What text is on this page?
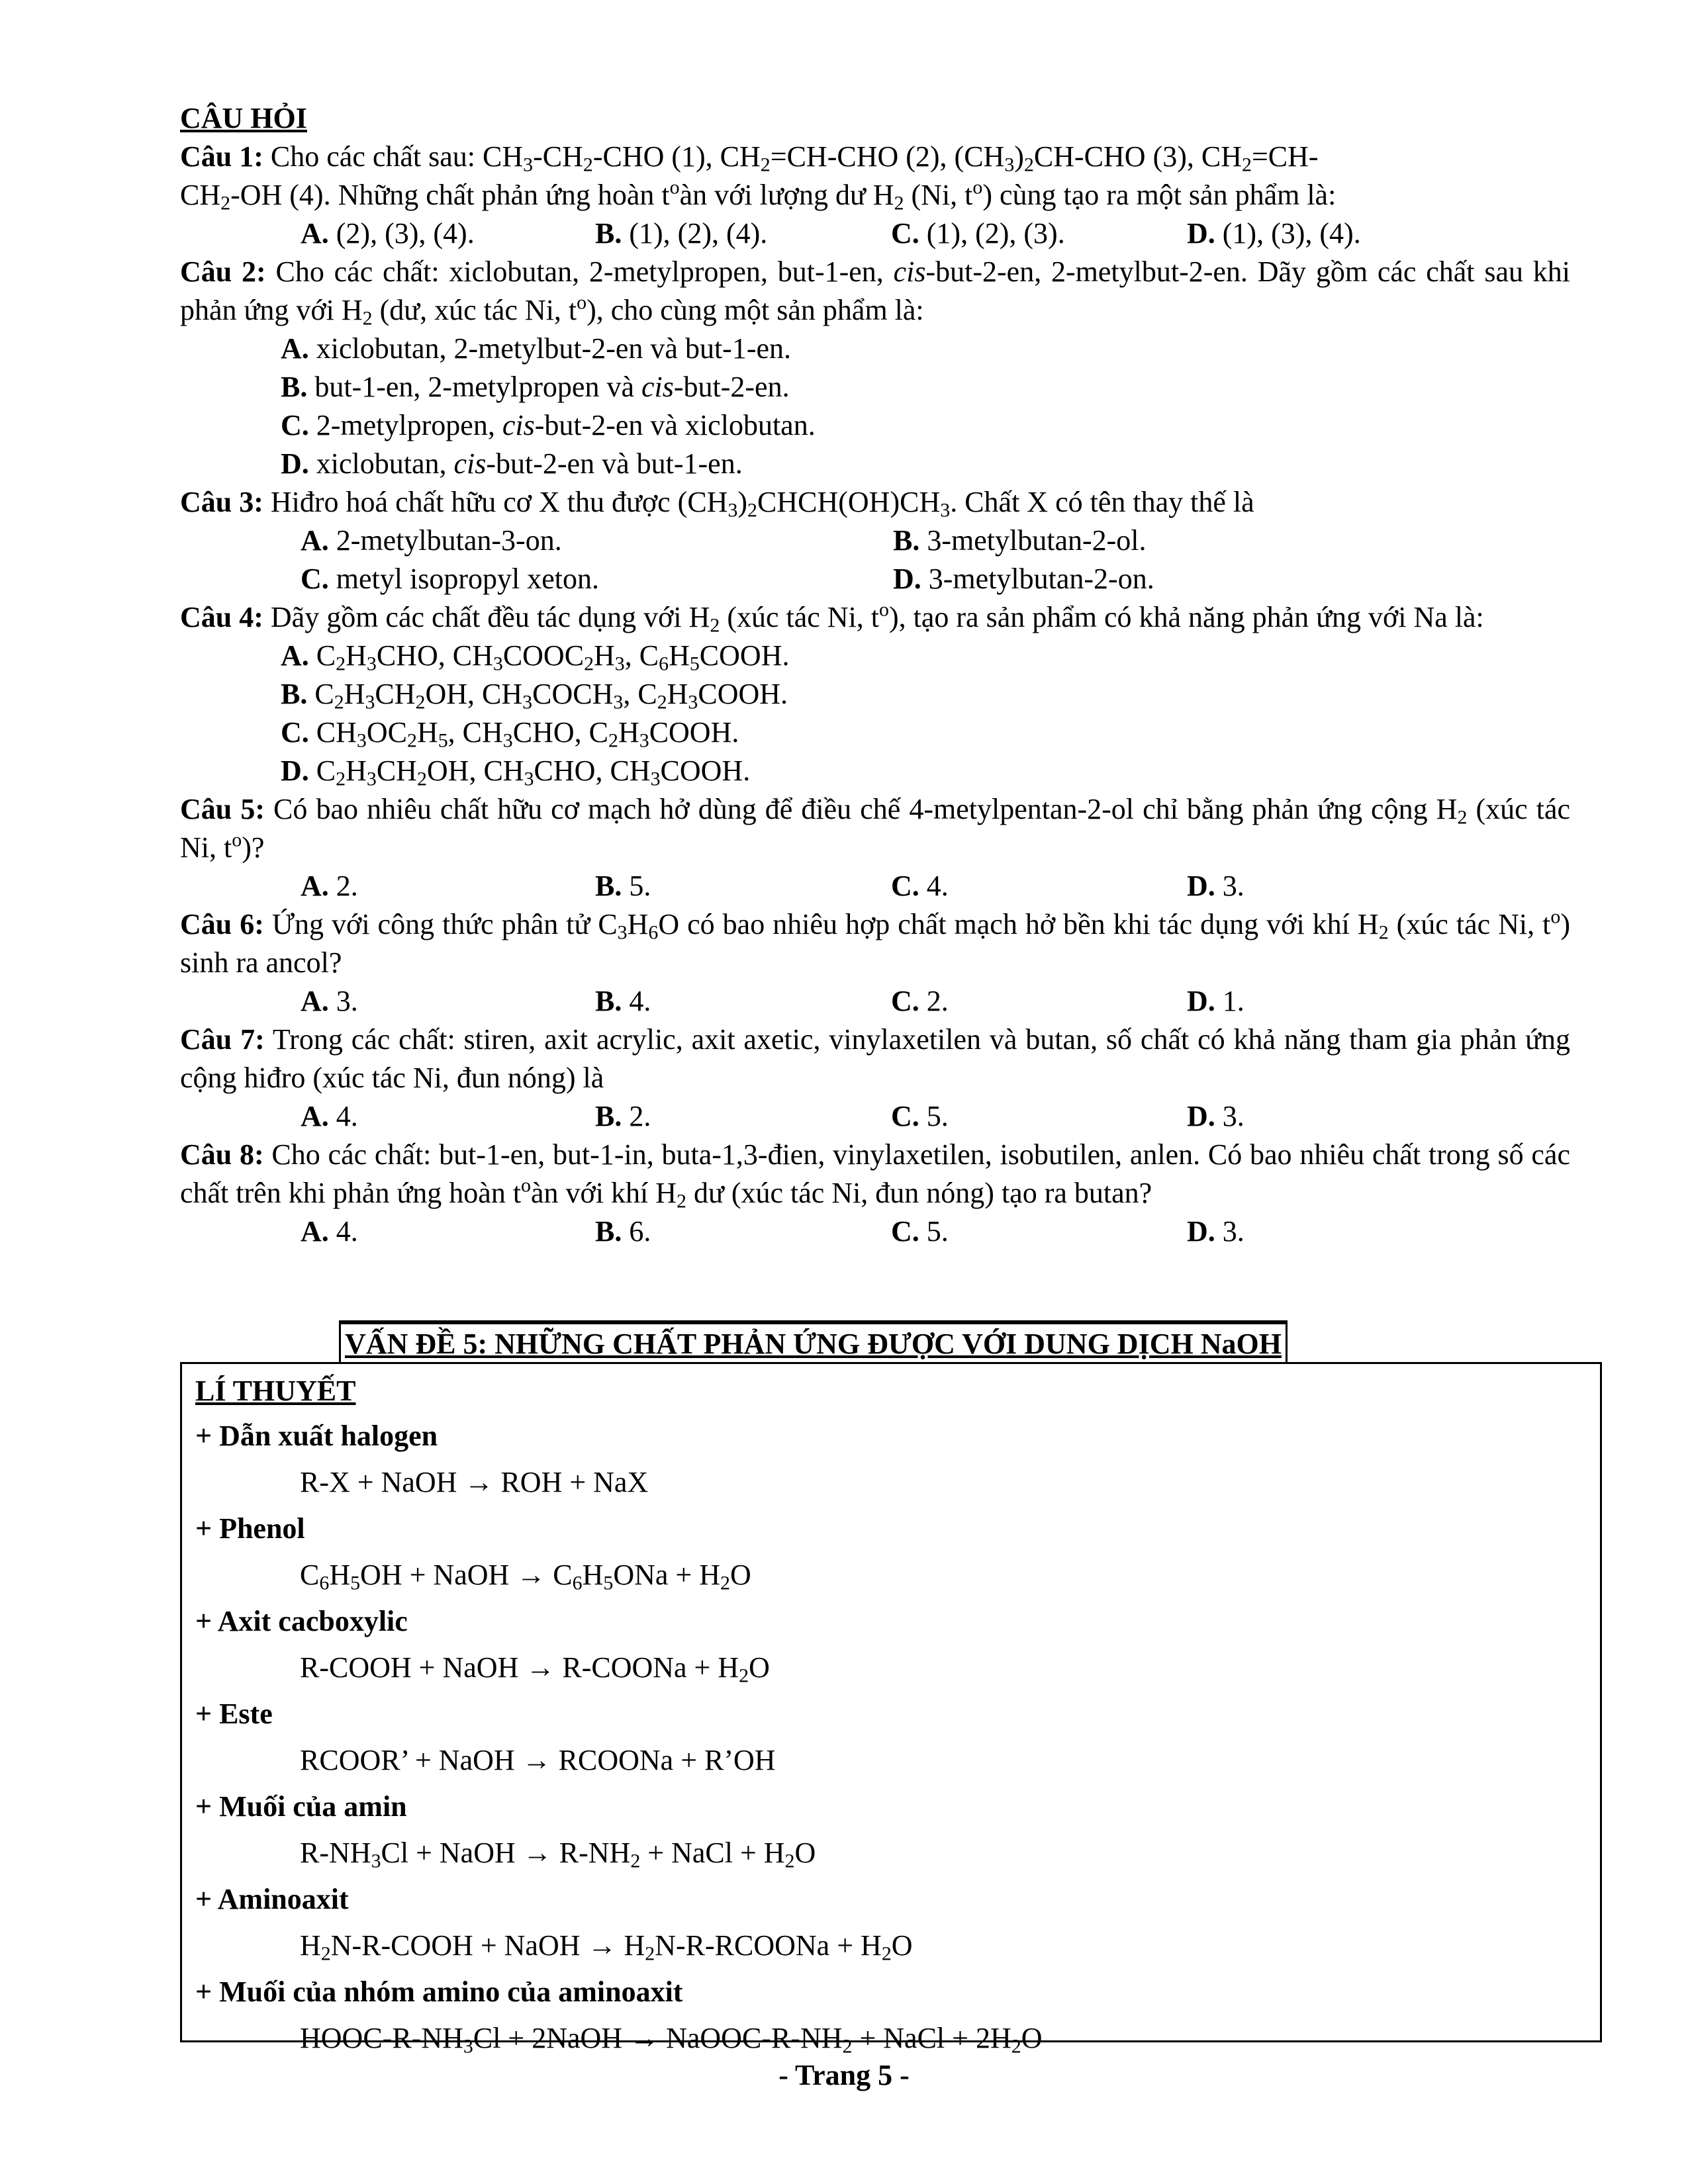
CÂU HỎI
Câu 1: Cho các chất sau: $CH_3-CH_2$-CHO (1), $CH_2=CH$-CHO (2), $(CH_3)_2CH$-CHO (3), $CH_2=CH-$
$CH_2-OH$ (4). Những chất phản ứng hoàn $t^oàn$ với lượng dư $H_2$ (Ni, $t^o$) cùng tạo ra một sản phẩm là:
A. (2), (3), (4).	B. (1), (2), (4).	C. (1), (2), (3).	D. (1), (3), (4).
Câu 2: Cho các chất: xiclobutan, 2-metylpropen, but-1-en, cis-but-2-en, 2-metylbut-2-en. Dãy gồm các chất sau khi phản ứng với $H_2$ (dư, xúc tác Ni, $t^o$), cho cùng một sản phẩm là:
A. xiclobutan, 2-metylbut-2-en và but-1-en.
B. but-1-en, 2-metylpropen và cis-but-2-en.
C. 2-metylpropen, cis-but-2-en và xiclobutan.
D. xiclobutan, cis-but-2-en và but-1-en.
Câu 3: Hiđro hoá chất hữu cơ X thu được $(CH_3)_2CHCH(OH)CH_3$. Chất X có tên thay thế là
A. 2-metylbutan-3-on.	B. 3-metylbutan-2-ol.
C. metyl isopropyl xeton.	D. 3-metylbutan-2-on.
Câu 4: Dãy gồm các chất đều tác dụng với $H_2$ (xúc tác Ni, $t^o$), tạo ra sản phẩm có khả năng phản ứng với Na là:
A. $C_2H_3CHO$, $CH_3COOC_2H_3$, $C_6H_5COOH$.
B. $C_2H_3CH_2OH$, $CH_3COCH_3$, $C_2H_3COOH$.
C. $CH_3OC_2H_5$, $CH_3CHO$, $C_2H_3COOH$.
D. $C_2H_3CH_2OH$, $CH_3CHO$, $CH_3COOH$.
Câu 5: Có bao nhiêu chất hữu cơ mạch hở dùng để điều chế 4-metylpentan-2-ol chỉ bằng phản ứng cộng $H_2$ (xúc tác Ni, $t^o$)?
A. 2.	B. 5.	C. 4.	D. 3.
Câu 6: Ứng với công thức phân tử $C_3H_6O$ có bao nhiêu hợp chất mạch hở bền khi tác dụng với khí $H_2$ (xúc tác Ni, $t^o$) sinh ra ancol?
A. 3.	B. 4.	C. 2.	D. 1.
Câu 7: Trong các chất: stiren, axit acrylic, axit axetic, vinylaxetilen và butan, số chất có khả năng tham gia phản ứng cộng hiđro (xúc tác Ni, đun nóng) là
A. 4.	B. 2.	C. 5.	D. 3.
Câu 8: Cho các chất: but-1-en, but-1-in, buta-1,3-đien, vinylaxetilen, isobutilen, anlen. Có bao nhiêu chất trong số các chất trên khi phản ứng hoàn $t^oàn$ với khí $H_2$ dư (xúc tác Ni, đun nóng) tạo ra butan?
A. 4.	B. 6.	C. 5.	D. 3.
VẤN ĐỀ 5: NHỮNG CHẤT PHẢN ỨNG ĐƯỢC VỚI DUNG DỊCH NaOH
LÍ THUYẾT
+ Dẫn xuất halogen
R-X + NaOH → ROH + NaX
+ Phenol
$C_6H_5OH$ + NaOH → $C_6H_5ONa + H_2O$
+ Axit cacboxylic
R-COOH + NaOH → R-COONa + $H_2O$
+ Este
RCOOR’ + NaOH → RCOONa + R’OH
+ Muối của amin
$R-NH_3Cl$ + NaOH → $R-NH_2$ + NaCl + $H_2O$
+ Aminoaxit
$H_2N-R$-COOH + NaOH → $H_2N-R$-RCOONa + $H_2O$
+ Muối của nhóm amino của aminoaxit
HOOC-$R-NH_3Cl$ + 2NaOH → NaOOC-$R-NH_2$ + NaCl + $2H_2O$
- Trang 5 -
